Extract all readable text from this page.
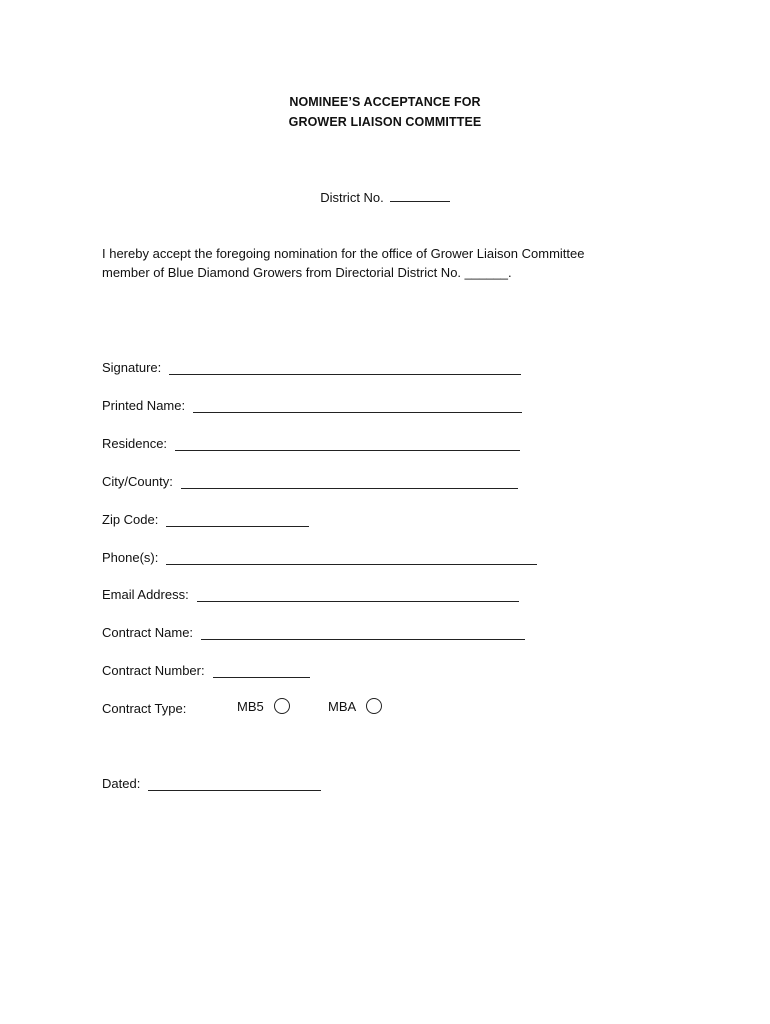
NOMINEE’S ACCEPTANCE FOR
GROWER LIAISON COMMITTEE
District No.
I hereby accept the foregoing nomination for the office of Grower Liaison Committee
member of Blue Diamond Growers from Directorial District No. ______.
Signature:
Printed Name:
Residence:
City/County:
Zip Code:
Phone(s):
Email Address:
Contract Name:
Contract Number:
Contract Type:	MB5	MBA
Dated:
